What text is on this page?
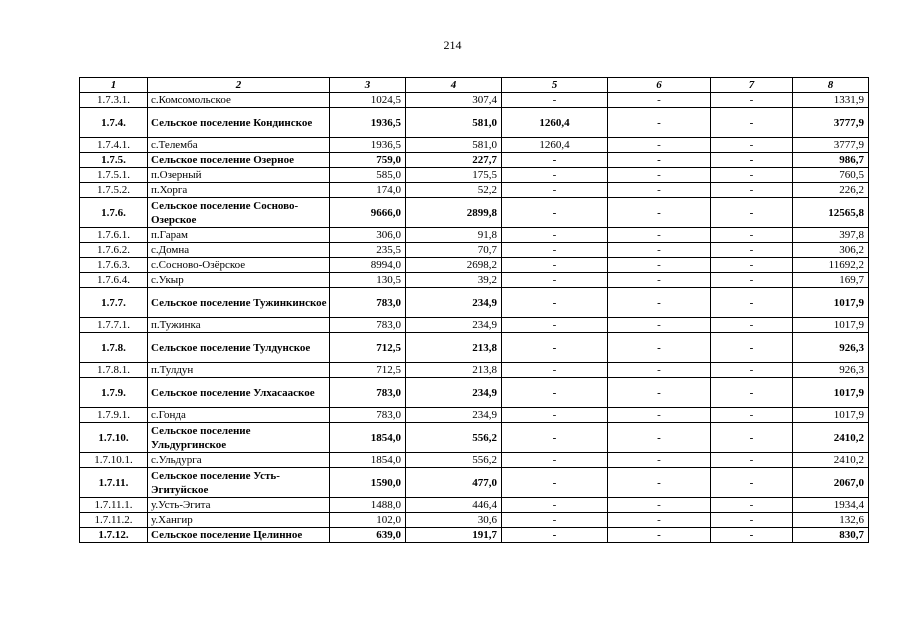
214
1	2	3	4	5	6	7	8
1.7.3.1.	с.Комсомольское	1024,5	307,4	-	-	-	1331,9
1.7.4.	Сельское поселение Кондинское	1936,5	581,0	1260,4	-	-	3777,9
1.7.4.1.	с.Телемба	1936,5	581,0	1260,4	-	-	3777,9
1.7.5.	Сельское поселение Озерное	759,0	227,7	-	-	-	986,7
1.7.5.1.	п.Озерный	585,0	175,5	-	-	-	760,5
1.7.5.2.	п.Хорга	174,0	52,2	-	-	-	226,2
1.7.6.	Сельское поселение Сосново-Озерское	9666,0	2899,8	-	-	-	12565,8
1.7.6.1.	п.Гарам	306,0	91,8	-	-	-	397,8
1.7.6.2.	с.Домна	235,5	70,7	-	-	-	306,2
1.7.6.3.	с.Сосново-Озёрское	8994,0	2698,2	-	-	-	11692,2
1.7.6.4.	с.Укыр	130,5	39,2	-	-	-	169,7
1.7.7.	Сельское поселение Тужинкинское	783,0	234,9	-	-	-	1017,9
1.7.7.1.	п.Тужинка	783,0	234,9	-	-	-	1017,9
1.7.8.	Сельское поселение Тулдунское	712,5	213,8	-	-	-	926,3
1.7.8.1.	п.Тулдун	712,5	213,8	-	-	-	926,3
1.7.9.	Сельское поселение Улхасааское	783,0	234,9	-	-	-	1017,9
1.7.9.1.	с.Гонда	783,0	234,9	-	-	-	1017,9
1.7.10.	Сельское поселение Ульдургинское	1854,0	556,2	-	-	-	2410,2
1.7.10.1.	с.Ульдурга	1854,0	556,2	-	-	-	2410,2
1.7.11.	Сельское поселение Усть-Эгитуйское	1590,0	477,0	-	-	-	2067,0
1.7.11.1.	у.Усть-Эгита	1488,0	446,4	-	-	-	1934,4
1.7.11.2.	у.Хангир	102,0	30,6	-	-	-	132,6
1.7.12.	Сельское поселение Целинное	639,0	191,7	-	-	-	830,7
